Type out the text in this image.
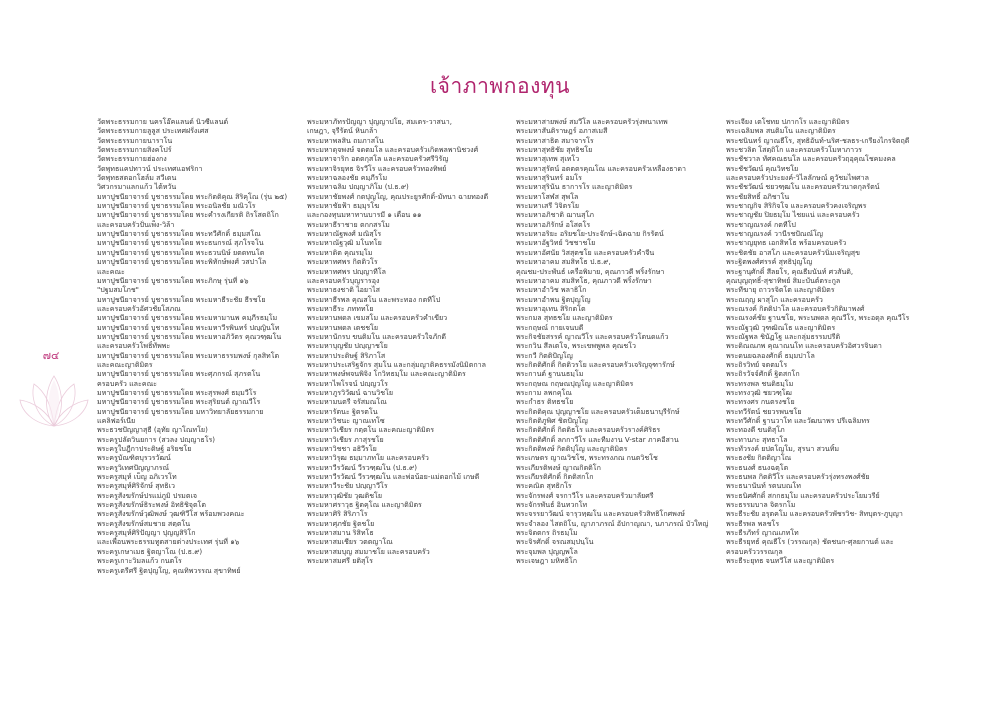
เจ้าภาพกองทุน
๗๔
วัดพระธรรมกาย นครโอ๊คแลนด์ นิวซีแลนด์
วัดพระธรรมกายลูลูส ประเทศฝรั่งเศส
วัดพระธรรมกายนาราโน
วัดพระธรรมกายสิงคโปร์
วัดพระธรรมกายฮ่องกง
วัดพุทธแคปทาวน์ ประเทศแอฟริกา
วัดพุทธสตอกโฮล์ม สวีเดน
วิศวกรมาแลกแก้ว ไต้หวัน
มหาปูชนียาจารย์ บูชาธรรมโดย พระกิตติคุณ สิริคุโณ (รุ่น ๒๕)
มหาปูชนียาจารย์ บูชาธรรมโดย พระอนิลชัย มณิวโร
มหาปูชนียาจารย์ บูชาธรรมโดย พระคำรงเกียรติ ถิรโสตถิโก
และครอบครัวปั่นเพ็ง-วิล้า
มหาปูชนียาจารย์ บูชาธรรมโดย พระทวีศักดิ์ ธมฺมสโณ
มหาปูชนียาจารย์ บูชาธรรมโดย พระธนกรณ์ สุภโรจโน
มหาปูชนียาจารย์ บูชาธรรมโดย พระธวนนิษ์ ยตตทนโต
มหาปูชนียาจารย์ บูชาธรรมโดย พระพิทักษ์พงศ์ วสปาโล
และคณะ
มหาปูชนียาจารย์ บูชาธรรมโดย พระภิกษุ รุ่นที่ ๑๖
"ปฐมสมโภช"
มหาปูชนียาจารย์ บูชาธรรมโดย พระมหาธีระชัย ธีรชโย
และครอบครัวอัศวชัยโสภณ
มหาปูชนียาจารย์ บูชาธรรมโดย พระมหามานพ คมฺภีรธมฺโม
มหาปูชนียาจารย์ บูชาธรรมโดย พระมหาวีรพินทร์ ปญฺญินโท
มหาปูชนียาจารย์ บูชาธรรมโดย พระมหาอภิวัตร คุณวฑฺฒโน
และครอบครัวโพธิ์ทัพพะ
มหาปูชนียาจารย์ บูชาธรรมโดย พระมหาธรรมพงษ์ กุลสิทโต
และคณะญาติมิตร
มหาปูชนียาจารย์ บูชาธรรมโดย พระศุภกรณ์ สุภรตโน
ครอบครัว และคณะ
มหาปูชนียาจารย์ บูชาธรรมโดย พระสุรพงศ์ ธมฺมวีโร
มหาปูชนียาจารย์ บูชาธรรมโดย พระสุริยนต์ ญาณวีโร
มหาปูชนียาจารย์ บูชาธรรมโดย มหาวิทยาลัยธรรมกาย
แคลิฟอร์เนีย
พระธวชปัญญาสุธี (อุทัย ญาโณทโย)
พระครูปลัดวินยการ (สวลง ปญฺญาธโร)
พระครูใบฎีกาประดิษฐ์ อริยชโย
พระครูบัณฑิตบุรวรวัฒน์
พระครูวิเทศปัญญาภรณ์
พระครูสมุห์ เบ็ญ อภิเวรโท
พระครูสมุห์ศิริจักษ์ สุทธิเว
พระครูสังฆรักษ์ปรแม่ภูมิ ปรมตเจ
พระครูสังฆรักษ์ธิระพงษ์ อิทธิชิจุตโต
พระครูสังฆรักษ์วุฒิพงษ์ วุฒฑิวีโส พร้อมพวงคณะ
พระครูสังฆรักษ์สมชาย สตฺตโน
พระครูสมุห์ศิริปัญญา ปุญญสิริโก
และเพื่อนพระธรรมทูตสายต่างประเทศ รุ่นที่ ๑๖
พระครูเกษาเมธ ฐิตญาโณ (ป.ธ.๙)
พระครูเกาะวิมลแก้ว กนตโร
พระครูเตรีศรี ฐิตปุญโญ, คุณทิพวรรณ สุขาทิพย์
พระมหาภัทรปัญญา ปุญญาปโย, สมเตร-วาสนา,
เกษฎา, จุรีรัตน์ หินกล้า
พระมหาพลสิน ถมภาสโน
พระมหาดุจพงษ์ จดตมโล และครอบครัวเกิดพลพานิชวงศ์
พระมหาจาริก อตตกุสโล และครอบครัวศรีวิรัญ
พระมหาจิรยุทธ จิรวีโร และครอบครัวทองทิพย์
พระมหาฉลองชัย คมฺภีรโม
พระมหาฉลิม ปญฺญาภิโม (ป.ธ.๙)
พระมหาชัยพงศ์ กตปุญโญ, คุณประยูรศักดิ์-มัทนา ฉายทองดี
พระมหาชัยฟ้า ธมฺมุรโฆ
และกองทุนมหาทานบารมี ๑ เดือน ๑๑
พระมหาธีราชาย ตกกสรโม
พระมหาณัฐพงศ์ มณิสฺโร
พระมหาณัฐวุฒิ มโนทโย
พระมหาดิต คุณรมฺโม
พระมหาทศพร กิตติวโร
พระมหาทศพร ปญฺญาทีโล
และครอบครัวบุญรารอุง
พระมหาธงชาติ ไอยาไส
พระมหาธีรพล คุณสโน และพระทอง กตทีโป
พระมหาธีระ ภทททโย
พระมหานพดล เขมสโม และครอบครัวคำเขียว
พระมหานพดล เตชชโย
พระมหานักรบ ขนติมโน และครอบครัวใจภักดี
พระมหาบุญชัย ปญฺญาชโย
พระมหาประดิษฐ์ สิริภาโส
พระมหาประเสริฐจักร สุมโน และกลุ่มญาติคธรรมังนิมิตกาล
พระมหาพงษ์พจนพิจิง โกวิทธมฺโม และคณะญาติมิตร
พระมหาไพโรจน์ ปญฺญวโร
พระมหาภูรวิวัฒน์ ฉานวิชโย
พระมหามนตรี จรัสมณโณ
พระมหารัตนะ ฐิตรตโน
พระมหาวิชนะ ญาณเทโซ
พระมหาวิเชียร กตฺตโน และคณะญาติมิตร
พระมหาวิเชียร ภาสุรชโย
พระมหาวิชชา อธิวีรโย
พระมหาวิรุฒ ธมฺมาภทโย และครอบครัว
พระมหาวีรวัฒน์ วีรวฑฺฒโน (ป.ธ.๙)
พระมหาวีรวัฒน์ วีรวฑฺฒโน และพ่อน้อย-แม่ดอกไม้ เกษดี
พระมหาวีระชัย ปญฺญาวีโร
พระมหาวุฒิชัย วุฒติชโย
พระมหาศราวุธ ฐิตคุโณ และญาติมิตร
พระมหาศิริ สิริภาโร
พระมหาศุภชัย ฐิตชโย
พระมหาสมาน ริสิทโธ
พระมหาสมเชียร วตตญาโณ
พระมหาสมบุญ สมมาชโย และครอบครัว
พระมหาสมศรี ยติสุโร
พระมหาสายพงษ์ สมวีโล และครอบครัวรุ่งพนาเทพ
พระมหาสันติราษฎร์ อภาสเมสี
พระมหาสาธิต สมาจารโร
พระมหาสุทธิชัย สุทธิชโย
พระมหาสุเทพ สุเทโว
พระมหาสุรัตน์ อตตตรคุณโณ และครอบครัวเหลืองธาดา
พระมหาสุรินทร์ อมโร
พระมหาสุรินัน ธาการโร และญาติมิตร
พระมหาโสฬส สุพโล
พระมหาเสรี วิจิตรโย
พระมหาอภิชาติ ฌานสุโภ
พระมหาอภิรักษ์ อโสตโร
พระมหาอริยะ อริยชโย-ประจักษ์-เฉิดฉาย กิรรัตน์
พระมหาอัฐวิทย์ วิชชาชโย
พระมหาอัศนัย วิสสุตชโย และครอบครัวคำจีน
พระมหาอาคม สมสิทโธ ป.ธ.๙,
คุณชม-ประพันธ์ เครือพิมาย, คุณภาวดี พริ้งรักษา
พระมหาอาคม สมสิทโธ, คุณภาวดี พริ้งรักษา
พระมหาอำวิช พลาธิโก
พระมหาอำพน ฐิตปุญโญ
พระมหาอุเทน สิริกตโต
พระกมล สุทธชโย และญาติมิตร
พระกฤษณ์ กายเจนบดี
พระกิจชัยสรรค์ ญาณวีโร และครอบครัวโตนดแก้ว
พระกวิน สีลเตโจ, พระเขพพูพล คุณชโว
พระกวี กิตติปัญโญ
พระกิตติศักดิ์ กิตติวรโย และครอบครัวเจริญจุฑารักษ์
พระกานต์ ฐานนธมฺโม
พระกฤษณ กฤษณปุญโญ และญาติมิตร
พระกาม ลพกคุโณ
พระกำธร ติทธชโย
พระกิตติคุณ ปุญญาชโย และครอบครัวเต็มธนาบุรีรักษ์
พระกิตติภูพิศ ชิตปัญโญ
พระกิตติศักดิ์ กิตติธโร และครอบครัวรางค์ศิริธร
พระกิตติศักดิ์ ลกกาวีโร และทีมงาน V-star ภาคอีสาน
พระกิตติพงษ์ กิตติปุโญ และญาติมิตร
พระเกษตร ญาณวิชโช, พระทรงภณ กนตวิชโช
พระเกียรติพงษ์ ญาณกิตติโก
พระเกียรติศักดิ์ กิตติสกโก
พระคณิต สุทธิกโร
พระจักรพงศ์ จรกาวีโร และครอบครัวมาลัยศรี
พระจักรพันธ์ อินทวกโท
พระจรรยาวัฒน์ จารุวทฺฒโน และครอบครัวสิทธิโกศพงษ์
พระจำลอง ไสตถิโน, ญาภาภรณ์ อัปกาญณา, นภาภรณ์ บัวใหญ่
พระจิตตกร ถิรธมฺโม
พระจิรศักดิ์ จรณสมฺปนฺโน
พระจุมพล ปุญญพโล
พระเจษฎา มหิทธิโก
พระเจียง เตโชทย ปภากโร และญาติมิตร
พระเฉลิมพล สนติมโน และญาติมิตร
พระชนินทร์ ญาณธีโร, สุทธิอันท์-นริศ-ชลธร-เกรียงไกรจิตฤดี
พระชวลิต โสตฺถิโก และครอบครัวโมหาภาวร
พระชัชวาล ทัศคณธนโล และครอบครัวฤอุคุณโชคมงคล
พระชัชวัฒน์ คุณวิทชโย
และครอบครัวประยงค์-วิไลลักษณ์ คูวัชมไพศาล
พระชัชวัฒน์ ชยวฑฺฒโน และครอบครัวนาดกุลรัตน์
พระชัยสิทธิ์ อภิชาโน
พระชาญกิจ สิริกิจโจ และครอบครัวคงเจริญพร
พระชาญชัย ปิยธมฺโม ไชยแน่ และครอบครัว
พระชาญณรงค์ กตทีโป
พระชาญณรงค์ วานีรชปัณณ์โญ
พระชาญยุทธ เอกสิทโธ พร้อมครอบครัว
พระชิตชัย อาสโภ และครอบครัวนิ่มเจริญสุข
พระฐิตพงศ์ศรรค์ สุทธิปุญโญ
พระฐานุศักดิ์ สีลยโร, คุณธีมนันท์ ศวสันติ,
คุณบุญฤทธิ์-สุชาทิพย์ สิมะบันต์ตระกูล
พระทีฆายุ ถาวรจิตโต และญาติมิตร
พระณฤญ ผาสุโก และครอบครัว
พระณรงค์ กิตติปาโล และครอบครัวกิติมาพงศ์
พระณรงค์ชัย ฐานชโย, พระนพดล คุณวีโร, พระอดุล คุณวีโร
พระณัฐวุฒิ วุฑฒิณโธ และญาติมิตร
พระณัฐพล ชินัฏโฐ และกลุ่มธรรมปรีติ
พระดิณณภพ คุณาณนโท และครอบครัวอิศวรจินดา
พระดนยฉลองศักดิ์ ธมฺมปาโล
พระถิรวิทย์ จตตมโร
พระถิรวัจจ์ศักดิ์ ฐิตสกโก
พระทรงพล ชนดิธมฺโม
พระทรงวุฒิ ชยวฑฺโฒ
พระทรงศร กนตรงชโย
พระทวีรัตน์ ชยวรพนชโย
พระทวีศักดิ์ ฐานวาโท และวัฒนาพร ปรีเฉลิมทร
พระทองดี ขนติสุโภ
พระทานกะ สุทธาโล
พระทัวรงค์ ยปตโญโม, สุรนา สวนทิ้ม
พระธงชัย กิตติญาโณ
พระธนงศ์ ธนงฉตฺโต
พระธนพล กิตติวีโร และครอบครัวรุ่งทรงพงศ์ชัย
พระธนานันท์ รตนบณโท
พระธนิศศักดิ์ สกกธมฺโม และครอบครัวประโยมวรีย์
พระธรรมบาล จิตรกโม
พระธีระชัย อรุตคโม และครอบครัวพัชรวิช- สิทบุตร-ภูบุญา
พระธีรพล พลชโร
พระธีรภัทร์ ญาณเภทโท
พระธีรยุทธ์ คุณธีโร (วรรณกุล) ชัดชนก-ศุลยกานต์ และ
ครอบครัววรรณกุล
พระธีระยุทธ จนทวีโส และญาติมิตร
